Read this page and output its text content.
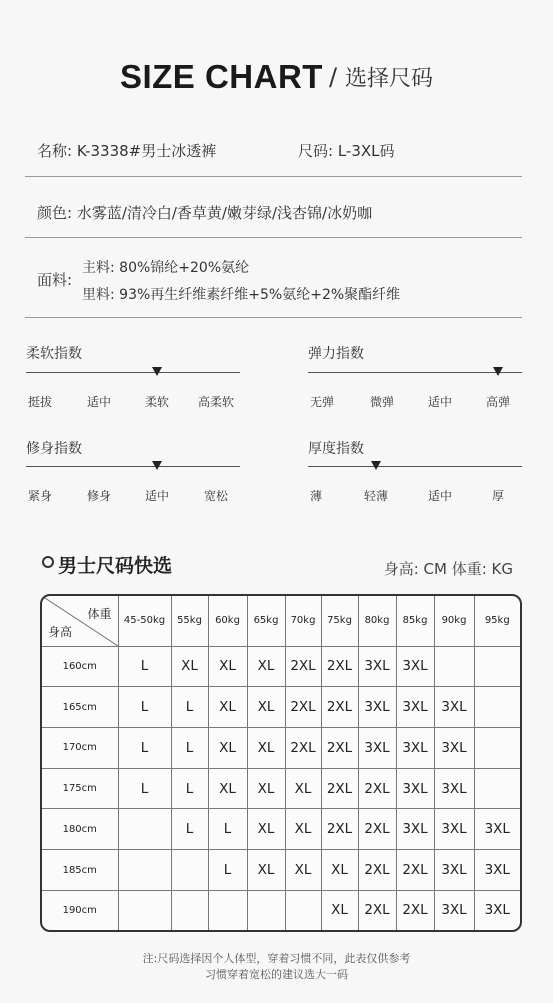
SIZE CHART / 选择尺码
名称: K-3338#男士冰透裤	尺码: L-3XL码
颜色: 水雾蓝/清冷白/香草黄/嫩芽绿/浅杏锦/冰奶咖
面料:
主料: 80%锦纶+20%氨纶
里料: 93%再生纤维素纤维+5%氨纶+2%聚酯纤维
柔软指数
挺拔	适中	柔软 高柔软
弹力指数
无弹	微弹	适中	高弹
修身指数
紧身	修身	适中	宽松
厚度指数
薄	轻薄	适中	厚
男士尺码快选	身高: CM 体重: KG
体重
身高	45-50kg	55kg	60kg	65kg	70kg	75kg	80kg	85kg	90kg	95kg
160cm	L	XL	XL	XL	2XL	2XL	3XL	3XL		
165cm	L	L	XL	XL	2XL	2XL	3XL	3XL	3XL	
170cm	L	L	XL	XL	2XL	2XL	3XL	3XL	3XL	
175cm	L	L	XL	XL	XL	2XL	2XL	3XL	3XL	
180cm		L	L	XL	XL	2XL	2XL	3XL	3XL	3XL
185cm			L	XL	XL	XL	2XL	2XL	3XL	3XL
190cm						XL	2XL	2XL	3XL	3XL
注:尺码选择因个人体型，穿着习惯不同，此表仅供参考
习惯穿着宽松的建议选大一码
